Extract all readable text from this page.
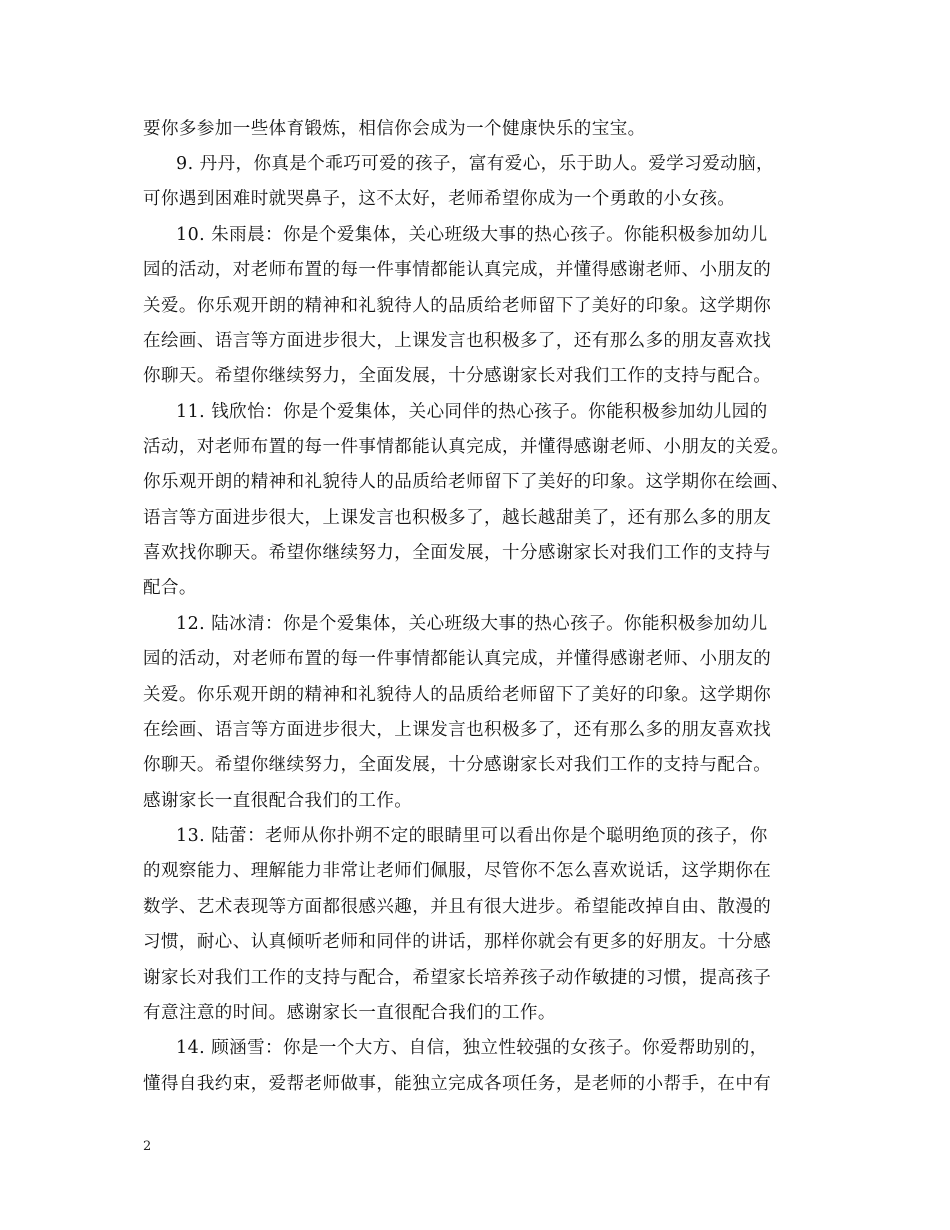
要你多参加一些体育锻炼，相信你会成为一个健康快乐的宝宝。
9. 丹丹，你真是个乖巧可爱的孩子，富有爱心，乐于助人。爱学习爱动脑，
可你遇到困难时就哭鼻子，这不太好，老师希望你成为一个勇敢的小女孩。
10. 朱雨晨：你是个爱集体，关心班级大事的热心孩子。你能积极参加幼儿
园的活动，对老师布置的每一件事情都能认真完成，并懂得感谢老师、小朋友的
关爱。你乐观开朗的精神和礼貌待人的品质给老师留下了美好的印象。这学期你
在绘画、语言等方面进步很大，上课发言也积极多了，还有那么多的朋友喜欢找
你聊天。希望你继续努力，全面发展，十分感谢家长对我们工作的支持与配合。
11. 钱欣怡：你是个爱集体，关心同伴的热心孩子。你能积极参加幼儿园的
活动，对老师布置的每一件事情都能认真完成，并懂得感谢老师、小朋友的关爱。
你乐观开朗的精神和礼貌待人的品质给老师留下了美好的印象。这学期你在绘画、
语言等方面进步很大，上课发言也积极多了，越长越甜美了，还有那么多的朋友
喜欢找你聊天。希望你继续努力，全面发展，十分感谢家长对我们工作的支持与
配合。
12. 陆冰清：你是个爱集体，关心班级大事的热心孩子。你能积极参加幼儿
园的活动，对老师布置的每一件事情都能认真完成，并懂得感谢老师、小朋友的
关爱。你乐观开朗的精神和礼貌待人的品质给老师留下了美好的印象。这学期你
在绘画、语言等方面进步很大，上课发言也积极多了，还有那么多的朋友喜欢找
你聊天。希望你继续努力，全面发展，十分感谢家长对我们工作的支持与配合。
感谢家长一直很配合我们的工作。
13. 陆蕾：老师从你扑朔不定的眼睛里可以看出你是个聪明绝顶的孩子，你
的观察能力、理解能力非常让老师们佩服，尽管你不怎么喜欢说话，这学期你在
数学、艺术表现等方面都很感兴趣，并且有很大进步。希望能改掉自由、散漫的
习惯，耐心、认真倾听老师和同伴的讲话，那样你就会有更多的好朋友。十分感
谢家长对我们工作的支持与配合，希望家长培养孩子动作敏捷的习惯，提高孩子
有意注意的时间。感谢家长一直很配合我们的工作。
14. 顾涵雪：你是一个大方、自信，独立性较强的女孩子。你爱帮助别的，
懂得自我约束，爱帮老师做事，能独立完成各项任务，是老师的小帮手，在中有
2
